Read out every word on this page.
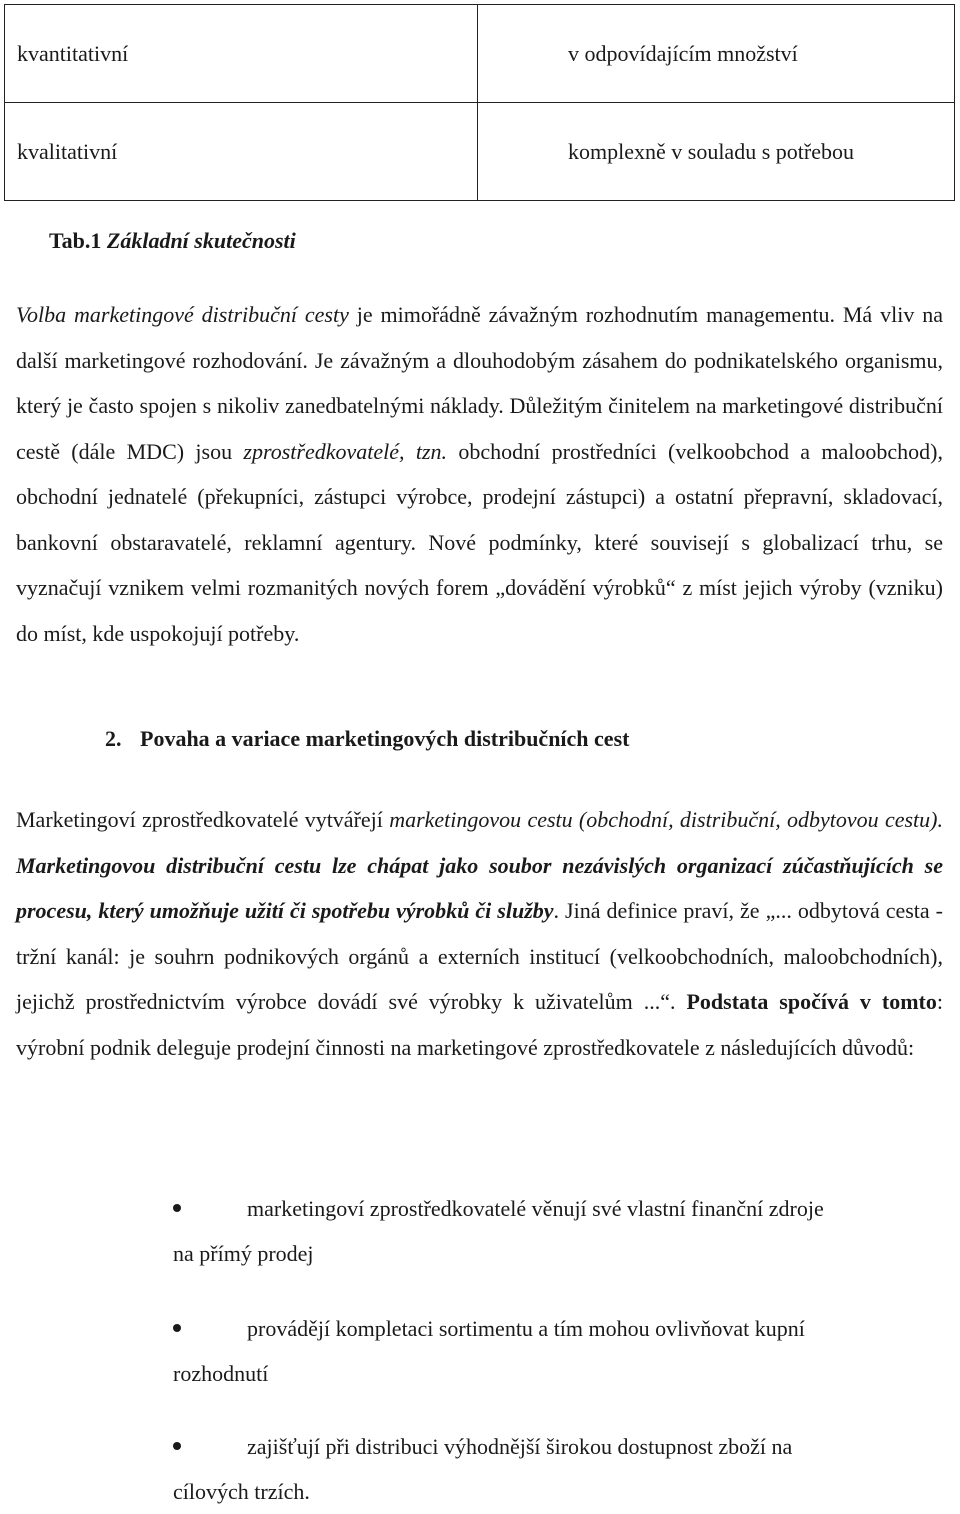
kvantitativní	v odpovídajícím množství
kvalitativní	komplexně v souladu s potřebou
Tab.1 Základní skutečnosti

Volba marketingové distribuční cesty je mimořádně závažným rozhodnutím managementu. Má vliv na další marketingové rozhodování. Je závažným a dlouhodobým zásahem do podnikatelského organismu, který je často spojen s nikoliv zanedbatelnými náklady. Důležitým činitelem na marketingové distribuční cestě (dále MDC) jsou zprostředkovatelé, tzn. obchodní prostředníci (velkoobchod a maloobchod), obchodní jednatelé (překupníci, zástupci výrobce, prodejní zástupci) a ostatní přepravní, skladovací, bankovní obstaravatelé, reklamní agentury. Nové podmínky, které souvisejí s globalizací trhu, se vyznačují vznikem velmi rozmanitých nových forem „dovádění výrobků“ z míst jejich výroby (vzniku) do míst, kde uspokojují potřeby.

2. Povaha a variace marketingových distribučních cest

Marketingoví zprostředkovatelé vytvářejí marketingovou cestu (obchodní, distribuční, odbytovou cestu). Marketingovou distribuční cestu lze chápat jako soubor nezávislých organizací zúčastňujících se procesu, který umožňuje užití či spotřebu výrobků či služby. Jiná definice praví, že „... odbytová cesta - tržní kanál: je souhrn podnikových orgánů a externích institucí (velkoobchodních, maloobchodních), jejichž prostřednictvím výrobce dovádí své výrobky k uživatelům ...“. Podstata spočívá v tomto: výrobní podnik deleguje prodejní činnosti na marketingové zprostředkovatele z následujících důvodů:

marketingoví zprostředkovatelé věnují své vlastní finanční zdroje
na přímý prodej
provádějí kompletaci sortimentu a tím mohou ovlivňovat kupní
rozhodnutí
zajišťují při distribuci výhodnější širokou dostupnost zboží na
cílových trzích.
